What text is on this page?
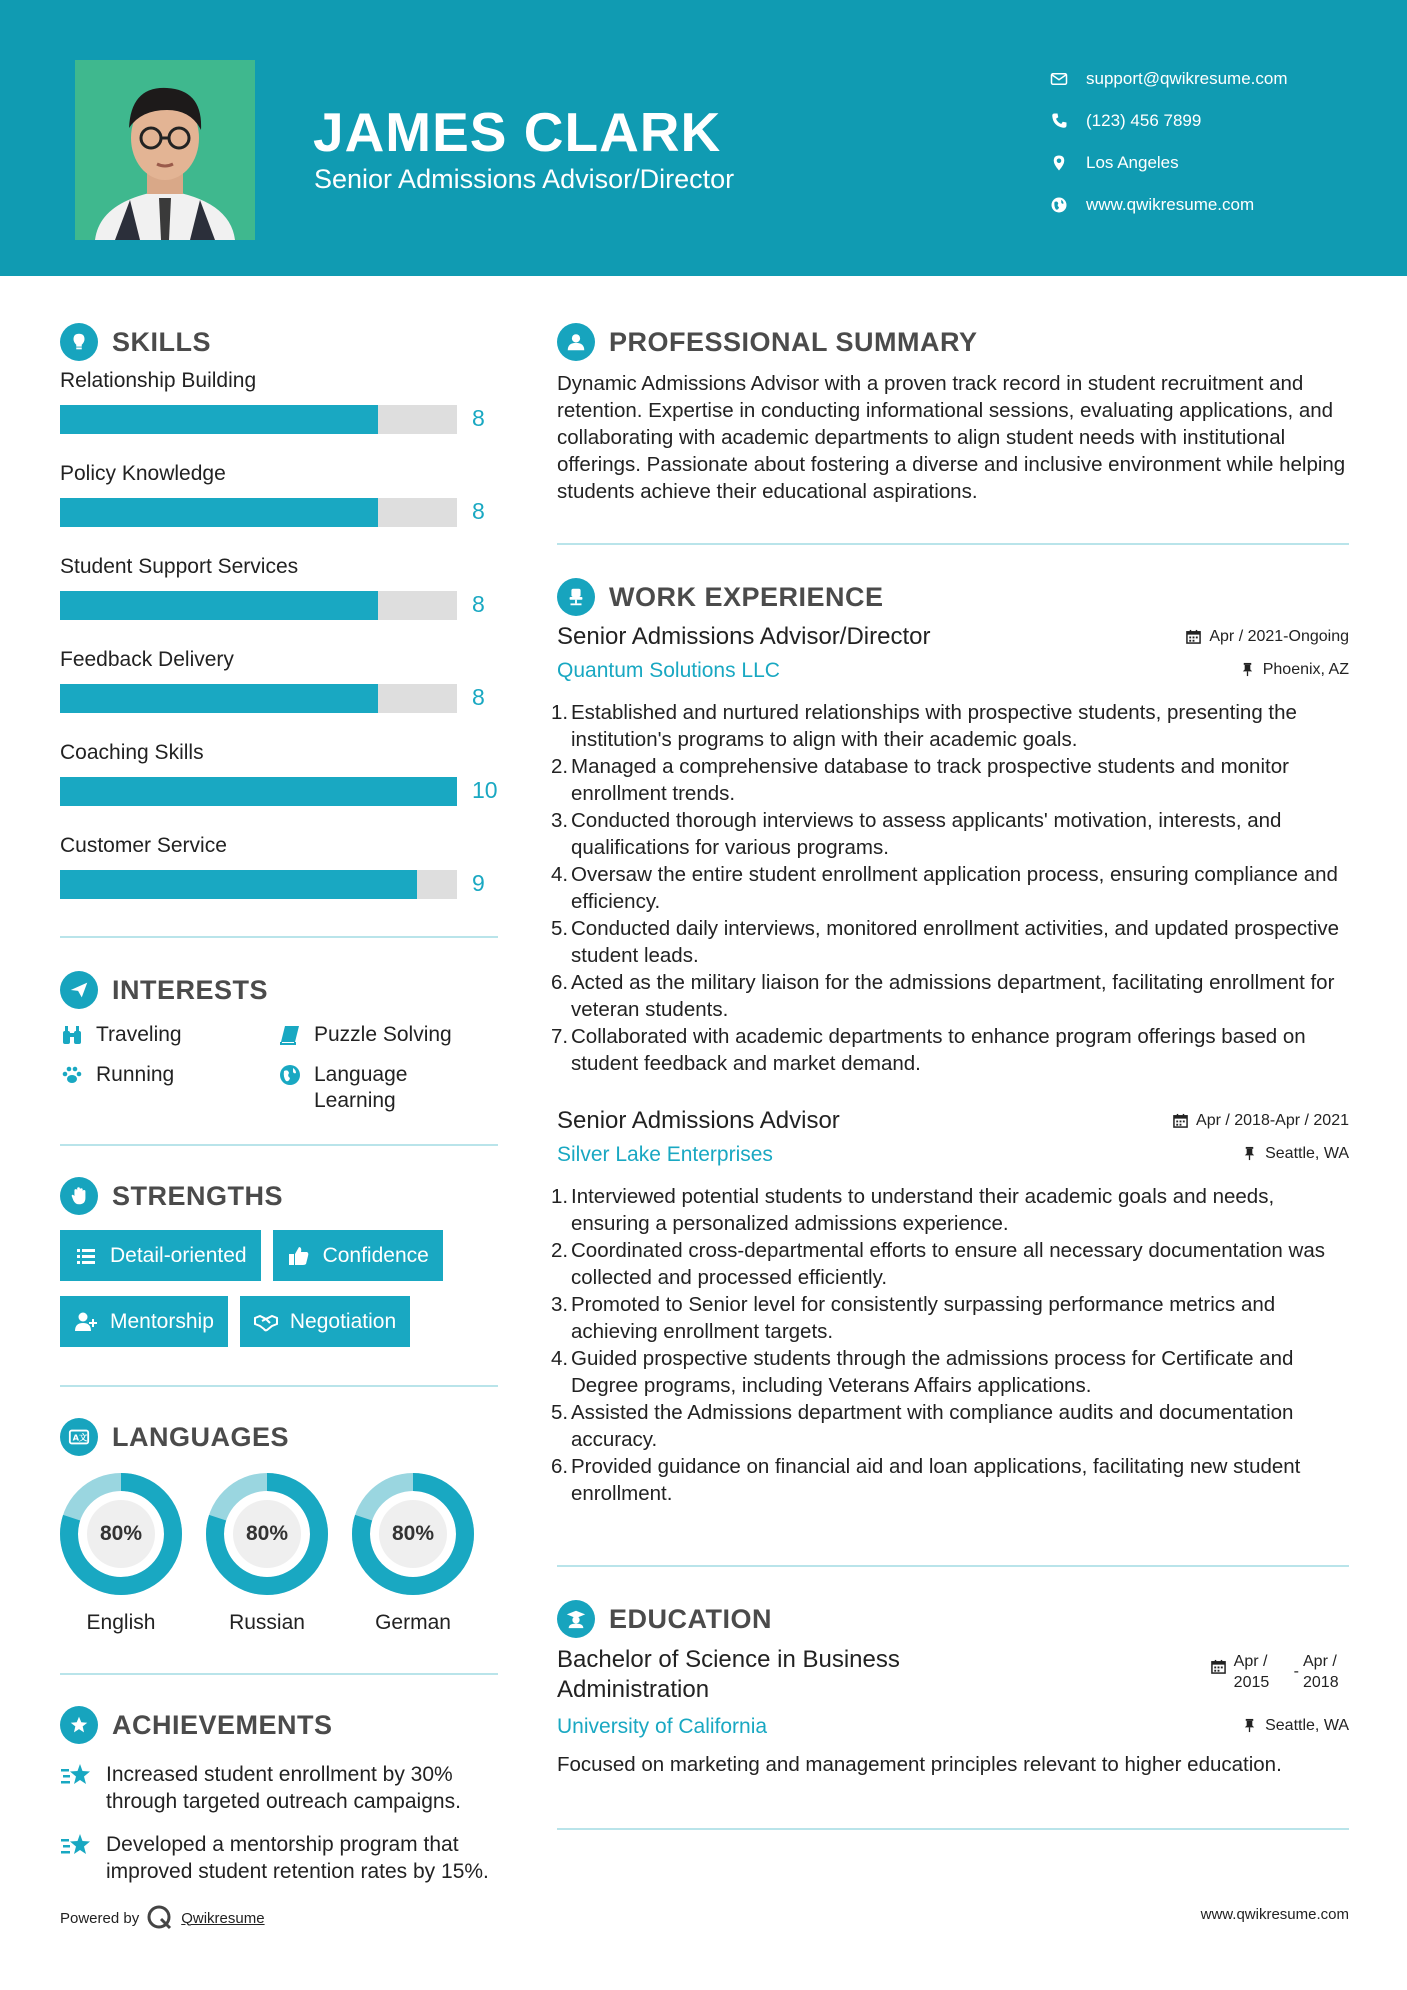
JAMES CLARK
Senior Admissions Advisor/Director
support@qwikresume.com
(123) 456 7899
Los Angeles
www.qwikresume.com
SKILLS
Relationship Building
8
Policy Knowledge
8
Student Support Services
8
Feedback Delivery
8
Coaching Skills
10
Customer Service
9
INTERESTS
Traveling	Puzzle Solving
Running	Language Learning
STRENGTHS
Detail-oriented	Confidence
Mentorship	Negotiation
A文 LANGUAGES
80%
English
80%
Russian
80%
German
ACHIEVEMENTS
Increased student enrollment by 30% through targeted outreach campaigns.
Developed a mentorship program that improved student retention rates by 15%.
PROFESSIONAL SUMMARY
Dynamic Admissions Advisor with a proven track record in student recruitment and retention. Expertise in conducting informational sessions, evaluating applications, and collaborating with academic departments to align student needs with institutional offerings. Passionate about fostering a diverse and inclusive environment while helping students achieve their educational aspirations.
WORK EXPERIENCE
Senior Admissions Advisor/Director	Apr / 2021-Ongoing
Quantum Solutions LLC	Phoenix, AZ
1. Established and nurtured relationships with prospective students, presenting the institution's programs to align with their academic goals.
2. Managed a comprehensive database to track prospective students and monitor enrollment trends.
3. Conducted thorough interviews to assess applicants' motivation, interests, and qualifications for various programs.
4. Oversaw the entire student enrollment application process, ensuring compliance and efficiency.
5. Conducted daily interviews, monitored enrollment activities, and updated prospective student leads.
6. Acted as the military liaison for the admissions department, facilitating enrollment for veteran students.
7. Collaborated with academic departments to enhance program offerings based on student feedback and market demand.
Senior Admissions Advisor	Apr / 2018-Apr / 2021
Silver Lake Enterprises	Seattle, WA
1. Interviewed potential students to understand their academic goals and needs, ensuring a personalized admissions experience.
2. Coordinated cross-departmental efforts to ensure all necessary documentation was collected and processed efficiently.
3. Promoted to Senior level for consistently surpassing performance metrics and achieving enrollment targets.
4. Guided prospective students through the admissions process for Certificate and Degree programs, including Veterans Affairs applications.
5. Assisted the Admissions department with compliance audits and documentation accuracy.
6. Provided guidance on financial aid and loan applications, facilitating new student enrollment.
EDUCATION
Bachelor of Science in Business Administration
Apr / 2015
-
Apr / 2018
University of California	Seattle, WA
Focused on marketing and management principles relevant to higher education.
Powered by	Qwikresume	www.qwikresume.com
